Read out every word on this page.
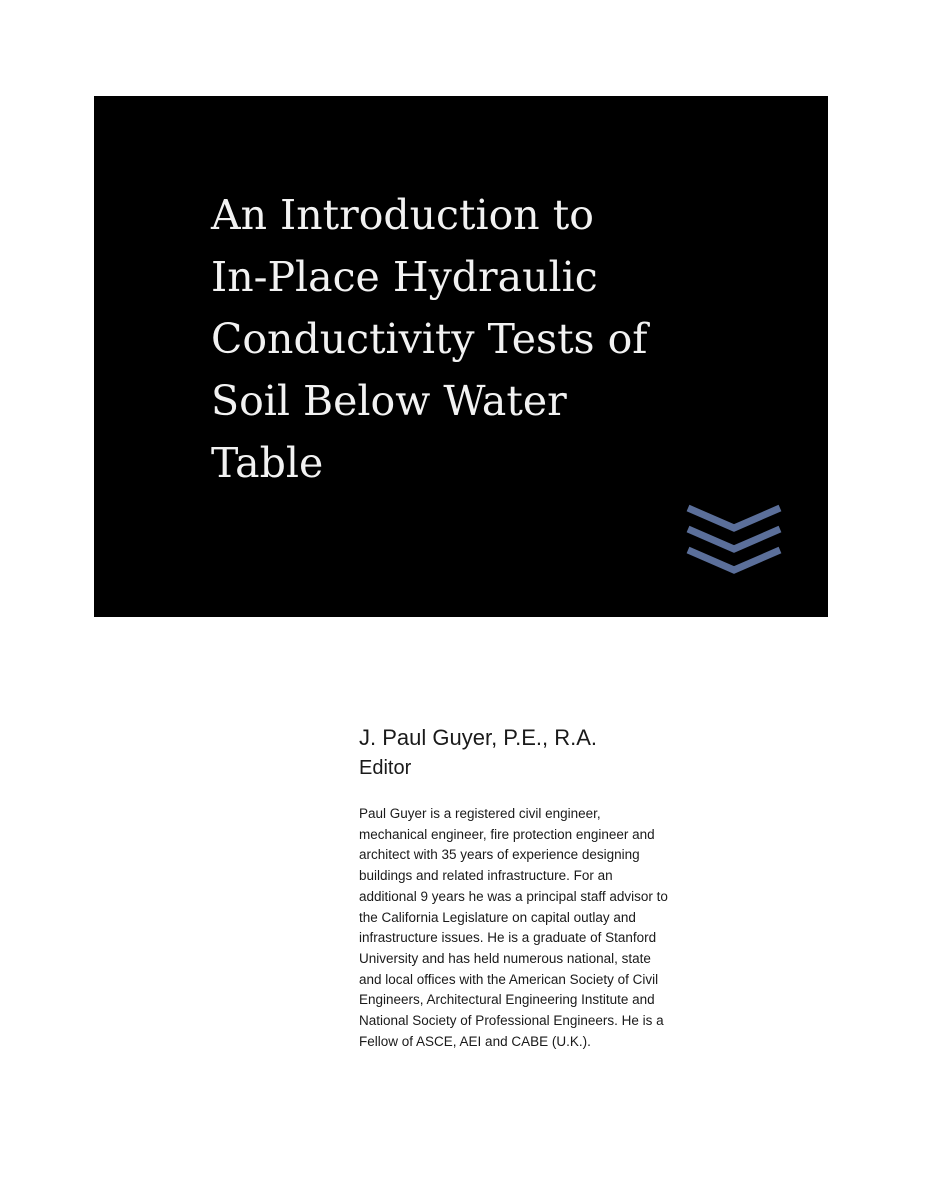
An Introduction to
In-Place Hydraulic
Conductivity Tests of
Soil Below Water
Table

J. Paul Guyer, P.E., R.A.

Editor

Paul Guyer is a registered civil engineer,
mechanical engineer, fire protection engineer and
architect with 35 years of experience designing
buildings and related infrastructure. For an
additional 9 years he was a principal staff advisor to
the California Legislature on capital outlay and
infrastructure issues. He is a graduate of Stanford
University and has held numerous national, state
and local offices with the American Society of Civil
Engineers, Architectural Engineering Institute and
National Society of Professional Engineers. He is a
Fellow of ASCE, AEI and CABE (U.K.).
